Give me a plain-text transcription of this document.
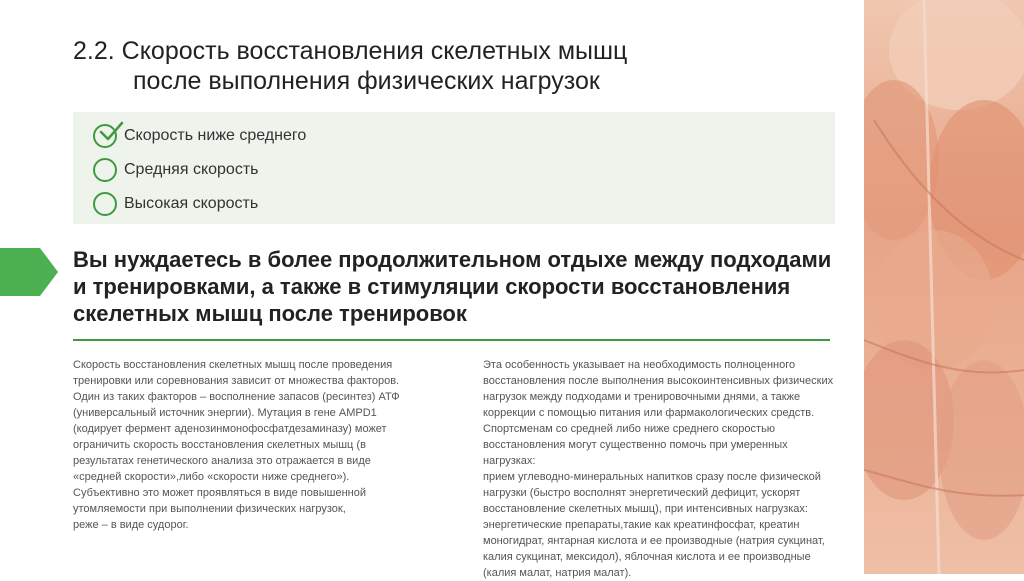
2.2. Скорость восстановления скелетных мышц
после выполнения физических нагрузок
Скорость ниже среднего
Средняя скорость
Высокая скорость

Вы нуждаетесь в более продолжительном отдыхе между подходами и тренировками, а также в стимуляции скорости восстановления скелетных мышц после тренировок

Скорость восстановления скелетных мышц после проведения
тренировки или соревнования зависит от множества факторов.
Один из таких факторов – восполнение запасов (ресинтез) АТФ
(универсальный источник энергии). Мутация в гене AMPD1
(кодирует фермент аденозинмонофосфатдезаминазу) может
ограничить скорость восстановления скелетных мышц (в
результатах генетического анализа это отражается в виде
«средней скорости»,либо «скорости ниже среднего»).
Субъективно это может проявляться в виде повышенной
утомляемости при выполнении физических нагрузок,
реже – в виде судорог.

Эта особенность указывает на необходимость полноценного
восстановления после выполнения высокоинтенсивных физических
нагрузок между подходами и тренировочными днями, а также
коррекции с помощью питания или фармакологических средств.
Спортсменам со средней либо ниже среднего скоростью
восстановления могут существенно помочь при умеренных нагрузках:
прием углеводно-минеральных напитков сразу после физической
нагрузки (быстро восполнят энергетический дефицит, ускорят
восстановление скелетных мышц), при интенсивных нагрузках:
энергетические препараты,такие как креатинфосфат, креатин
моногидрат, янтарная кислота и ее производные (натрия сукцинат,
калия сукцинат, мексидол), яблочная кислота и ее производные
(калия малат, натрия малат).
